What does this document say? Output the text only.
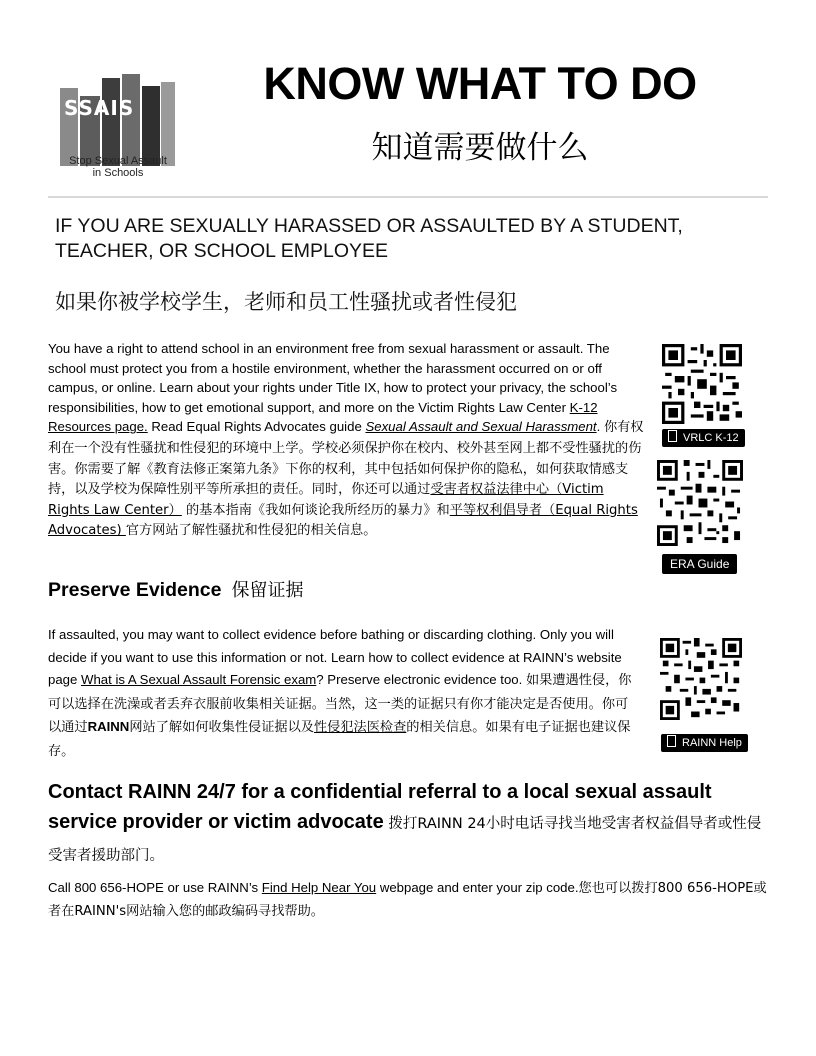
SSAIS
Stop Sexual Assault
in Schools
KNOW WHAT TO DO
知道需要做什么
IF YOU ARE SEXUALLY HARASSED OR ASSAULTED BY A STUDENT,
TEACHER, OR SCHOOL EMPLOYEE
如果你被学校学生，老师和员工性骚扰或者性侵犯
You have a right to attend school in an environment free from sexual harassment or assault. The school must protect you from a hostile environment, whether the harassment occurred on or off campus, or online. Learn about your rights under Title IX, how to protect your privacy, the school’s responsibilities, how to get emotional support, and more on the Victim Rights Law Center K-12 Resources page. Read Equal Rights Advocates guide Sexual Assault and Sexual Harassment. 你有权利在一个没有性骚扰和性侵犯的环境中上学。学校必须保护你在校内、校外甚至网上都不受性骚扰的伤害。你需要了解《教育法修正案第九条》下你的权利，其中包括如何保护你的隐私，如何获取情感支持，以及学校为保障性别平等所承担的责任。同时，你还可以通过受害者权益法律中心（Victim Rights Law Center） 的基本指南《我如何谈论我所经历的暴力》和平等权利倡导者（Equal Rights Advocates) 官方网站了解性骚扰和性侵犯的相关信息。
VRLC K-12
ERA Guide
Preserve Evidence 保留证据
If assaulted, you may want to collect evidence before bathing or discarding clothing. Only you will decide if you want to use this information or not. Learn how to collect evidence at RAINN’s website page What is A Sexual Assault Forensic exam? Preserve electronic evidence too. 如果遭遇性侵，你可以选择在洗澡或者丢弃衣服前收集相关证据。当然，这一类的证据只有你才能决定是否使用。你可以通过RAINN网站了解如何收集性侵证据以及性侵犯法医检查的相关信息。如果有电子证据也建议保存。
RAINN Help
Contact RAINN 24/7 for a confidential referral to a local sexual assault service provider or victim advocate 拨打RAINN 24小时电话寻找当地受害者权益倡导者或性侵受害者援助部门。
Call 800 656-HOPE or use RAINN’s Find Help Near You webpage and enter your zip code.您也可以拨打800 656-HOPE或者在RAINN's网站输入您的邮政编码寻找帮助。
